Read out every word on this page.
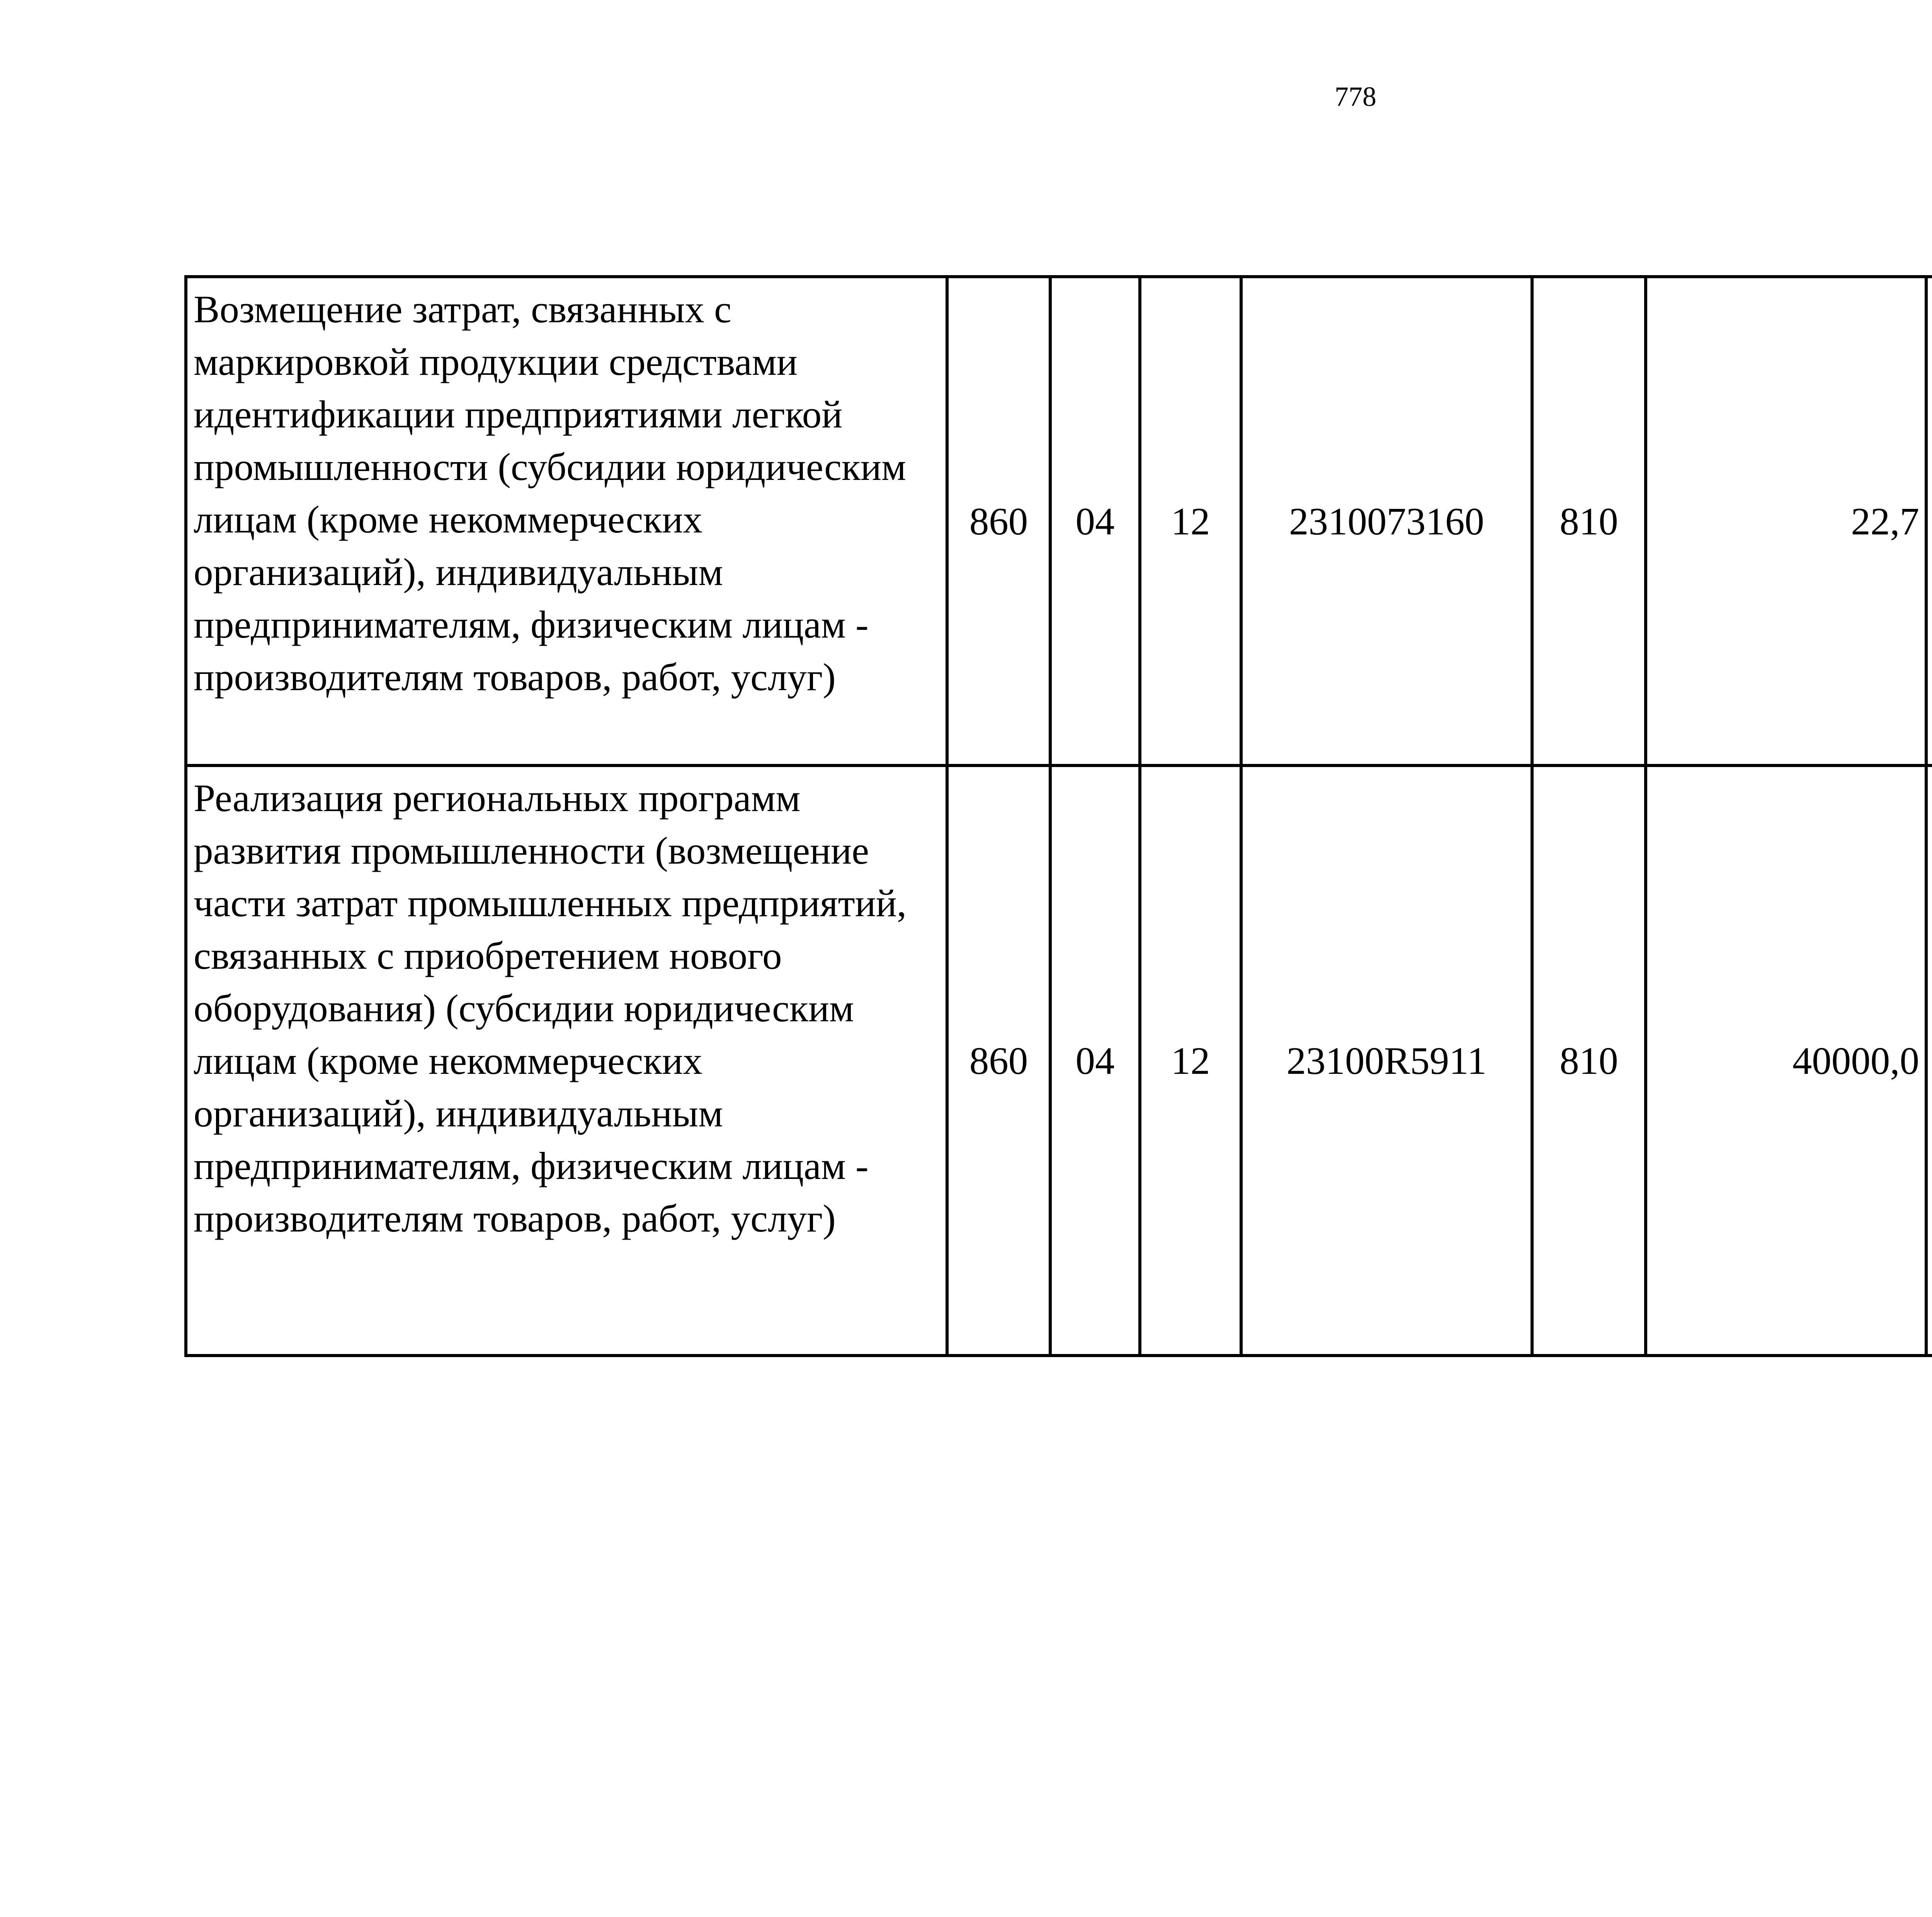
778
Возмещение затрат, связанных с маркировкой продукции средствами идентификации предприятиями легкой промышленности (субсидии юридическим лицам (кроме некоммерческих организаций), индивидуальным предпринимателям, физическим лицам - производителям товаров, работ, услуг)	860	04	12	2310073160	810	22,7		
Реализация региональных программ развития промышленности (возмещение части затрат промышленных предприятий, связанных с приобретением нового оборудования) (субсидии юридическим лицам (кроме некоммерческих организаций), индивидуальным предпринимателям, физическим лицам - производителям товаров, работ, услуг)	860	04	12	23100R5911	810	40000,0		
